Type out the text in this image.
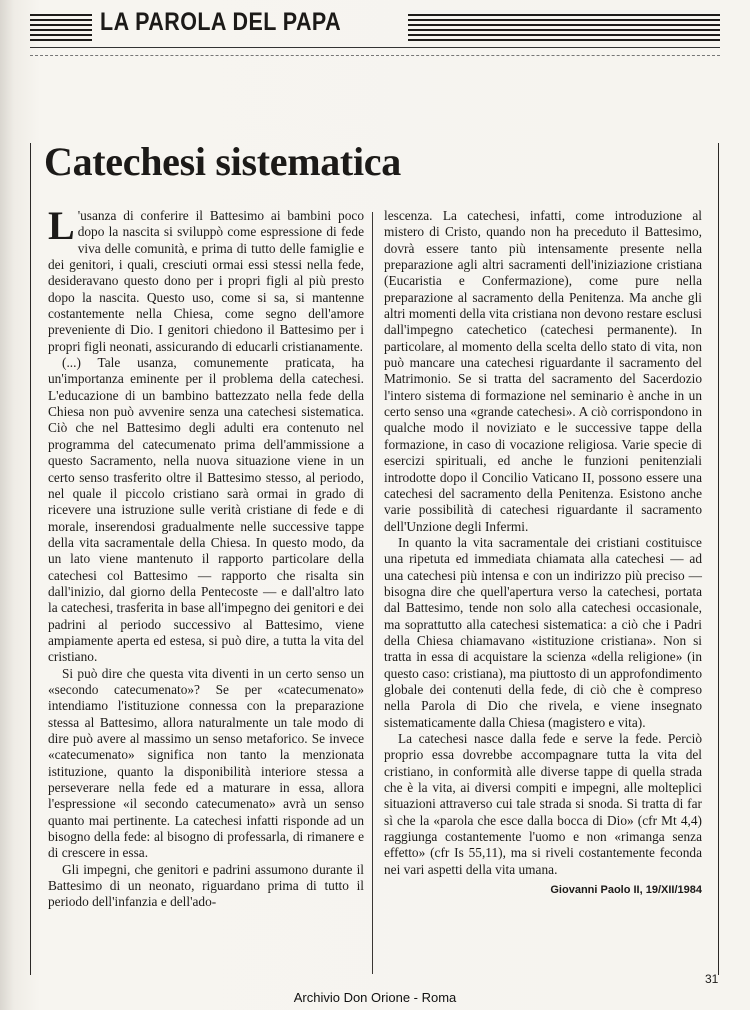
LA PAROLA DEL PAPA
Catechesi sistematica

L 'usanza di conferire il Battesimo ai bambini poco dopo la nascita si sviluppò come espressione di fede viva delle comunità, e prima di tutto delle famiglie e dei genitori, i quali, cresciuti ormai essi stessi nella fede, desideravano questo dono per i propri figli al più presto dopo la nascita. Questo uso, come si sa, si mantenne costantemente nella Chiesa, come segno dell'amore preveniente di Dio. I genitori chiedono il Battesimo per i propri figli neonati, assicurando di educarli cristianamente.

(...) Tale usanza, comunemente praticata, ha un'importanza eminente per il problema della catechesi. L'educazione di un bambino battezzato nella fede della Chiesa non può avvenire senza una catechesi sistematica. Ciò che nel Battesimo degli adulti era contenuto nel programma del catecumenato prima dell'ammissione a questo Sacramento, nella nuova situazione viene in un certo senso trasferito oltre il Battesimo stesso, al periodo, nel quale il piccolo cristiano sarà ormai in grado di ricevere una istruzione sulle verità cristiane di fede e di morale, inserendosi gradualmente nelle successive tappe della vita sacramentale della Chiesa. In questo modo, da un lato viene mantenuto il rapporto particolare della catechesi col Battesimo — rapporto che risalta sin dall'inizio, dal giorno della Pentecoste — e dall'altro lato la catechesi, trasferita in base all'impegno dei genitori e dei padrini al periodo successivo al Battesimo, viene ampiamente aperta ed estesa, si può dire, a tutta la vita del cristiano.

Si può dire che questa vita diventi in un certo senso un «secondo catecumenato»? Se per «catecumenato» intendiamo l'istituzione connessa con la preparazione stessa al Battesimo, allora naturalmente un tale modo di dire può avere al massimo un senso metaforico. Se invece «catecumenato» significa non tanto la menzionata istituzione, quanto la disponibilità interiore stessa a perseverare nella fede ed a maturare in essa, allora l'espressione «il secondo catecumenato» avrà un senso quanto mai pertinente. La catechesi infatti risponde ad un bisogno della fede: al bisogno di professarla, di rimanere e di crescere in essa.

Gli impegni, che genitori e padrini assumono durante il Battesimo di un neonato, riguardano prima di tutto il periodo dell'infanzia e dell'ado-

lescenza. La catechesi, infatti, come introduzione al mistero di Cristo, quando non ha preceduto il Battesimo, dovrà essere tanto più intensamente presente nella preparazione agli altri sacramenti dell'iniziazione cristiana (Eucaristia e Confermazione), come pure nella preparazione al sacramento della Penitenza. Ma anche gli altri momenti della vita cristiana non devono restare esclusi dall'impegno catechetico (catechesi permanente). In particolare, al momento della scelta dello stato di vita, non può mancare una catechesi riguardante il sacramento del Matrimonio. Se si tratta del sacramento del Sacerdozio l'intero sistema di formazione nel seminario è anche in un certo senso una «grande catechesi». A ciò corrispondono in qualche modo il noviziato e le successive tappe della formazione, in caso di vocazione religiosa. Varie specie di esercizi spirituali, ed anche le funzioni penitenziali introdotte dopo il Concilio Vaticano II, possono essere una catechesi del sacramento della Penitenza. Esistono anche varie possibilità di catechesi riguardante il sacramento dell'Unzione degli Infermi.

In quanto la vita sacramentale dei cristiani costituisce una ripetuta ed immediata chiamata alla catechesi — ad una catechesi più intensa e con un indirizzo più preciso — bisogna dire che quell'apertura verso la catechesi, portata dal Battesimo, tende non solo alla catechesi occasionale, ma soprattutto alla catechesi sistematica: a ciò che i Padri della Chiesa chiamavano «istituzione cristiana». Non si tratta in essa di acquistare la scienza «della religione» (in questo caso: cristiana), ma piuttosto di un approfondimento globale dei contenuti della fede, di ciò che è compreso nella Parola di Dio che rivela, e viene insegnato sistematicamente dalla Chiesa (magistero e vita).

La catechesi nasce dalla fede e serve la fede. Perciò proprio essa dovrebbe accompagnare tutta la vita del cristiano, in conformità alle diverse tappe di quella strada che è la vita, ai diversi compiti e impegni, alle molteplici situazioni attraverso cui tale strada si snoda. Si tratta di far sì che la «parola che esce dalla bocca di Dio» (cfr Mt 4,4) raggiunga costantemente l'uomo e non «rimanga senza effetto» (cfr Is 55,11), ma si riveli costantemente feconda nei vari aspetti della vita umana.

Giovanni Paolo II, 19/XII/1984
31
Archivio Don Orione - Roma
